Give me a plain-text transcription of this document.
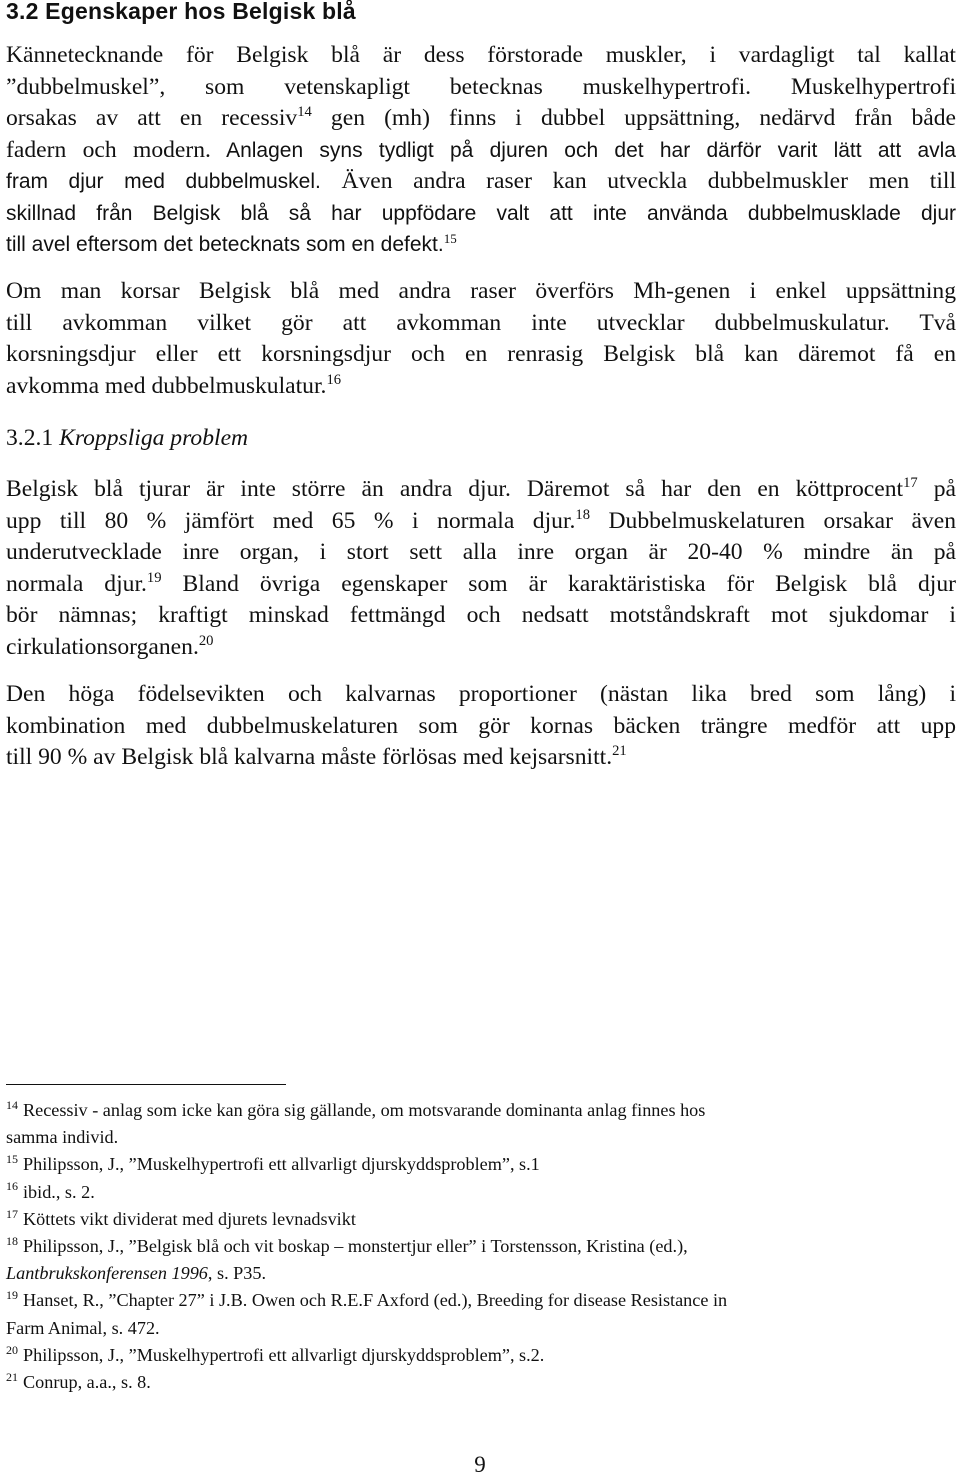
3.2 Egenskaper hos Belgisk blå
Kännetecknande för Belgisk blå är dess förstorade muskler, i vardagligt tal kallat
”dubbelmuskel”, som vetenskapligt betecknas muskelhypertrofi. Muskelhypertrofi
orsakas av att en recessiv$^{14}$ gen (mh) finns i dubbel uppsättning, nedärvd från både
fadern och modern. Anlagen syns tydligt på djuren och det har därför varit lätt att avla
fram djur med dubbelmuskel. Även andra raser kan utveckla dubbelmuskler men till
skillnad från Belgisk blå så har uppfödare valt att inte använda dubbelmusklade djur
till avel eftersom det betecknats som en defekt.$^{15}$
Om man korsar Belgisk blå med andra raser överförs Mh-genen i enkel uppsättning
till avkomman vilket gör att avkomman inte utvecklar dubbelmuskulatur. Två
korsningsdjur eller ett korsningsdjur och en renrasig Belgisk blå kan däremot få en
avkomma med dubbelmuskulatur.$^{16}$
3.2.1 Kroppsliga problem
Belgisk blå tjurar är inte större än andra djur. Däremot så har den en köttprocent$^{17}$ på
upp till 80 % jämfört med 65 % i normala djur.$^{18}$ Dubbelmuskelaturen orsakar även
underutvecklade inre organ, i stort sett alla inre organ är 20-40 % mindre än på
normala djur.$^{19}$ Bland övriga egenskaper som är karaktäristiska för Belgisk blå djur
bör nämnas; kraftigt minskad fettmängd och nedsatt motståndskraft mot sjukdomar i
cirkulationsorganen.$^{20}$
Den höga födelsevikten och kalvarnas proportioner (nästan lika bred som lång) i
kombination med dubbelmuskelaturen som gör kornas bäcken trängre medför att upp
till 90 % av Belgisk blå kalvarna måste förlösas med kejsarsnitt.$^{21}$
$^{14}$ Recessiv - anlag som icke kan göra sig gällande, om motsvarande dominanta anlag finnes hos
samma individ.
$^{15}$ Philipsson, J., ”Muskelhypertrofi ett allvarligt djurskyddsproblem”, s.1
$^{16}$ ibid., s. 2.
$^{17}$ Köttets vikt dividerat med djurets levnadsvikt
$^{18}$ Philipsson, J., ”Belgisk blå och vit boskap – monstertjur eller” i Torstensson, Kristina (ed.),
Lantbrukskonferensen 1996, s. P35.
$^{19}$ Hanset, R., ”Chapter 27” i J.B. Owen och R.E.F Axford (ed.), Breeding for disease Resistance in
Farm Animal, s. 472.
$^{20}$ Philipsson, J., ”Muskelhypertrofi ett allvarligt djurskyddsproblem”, s.2.
$^{21}$ Conrup, a.a., s. 8.
9
